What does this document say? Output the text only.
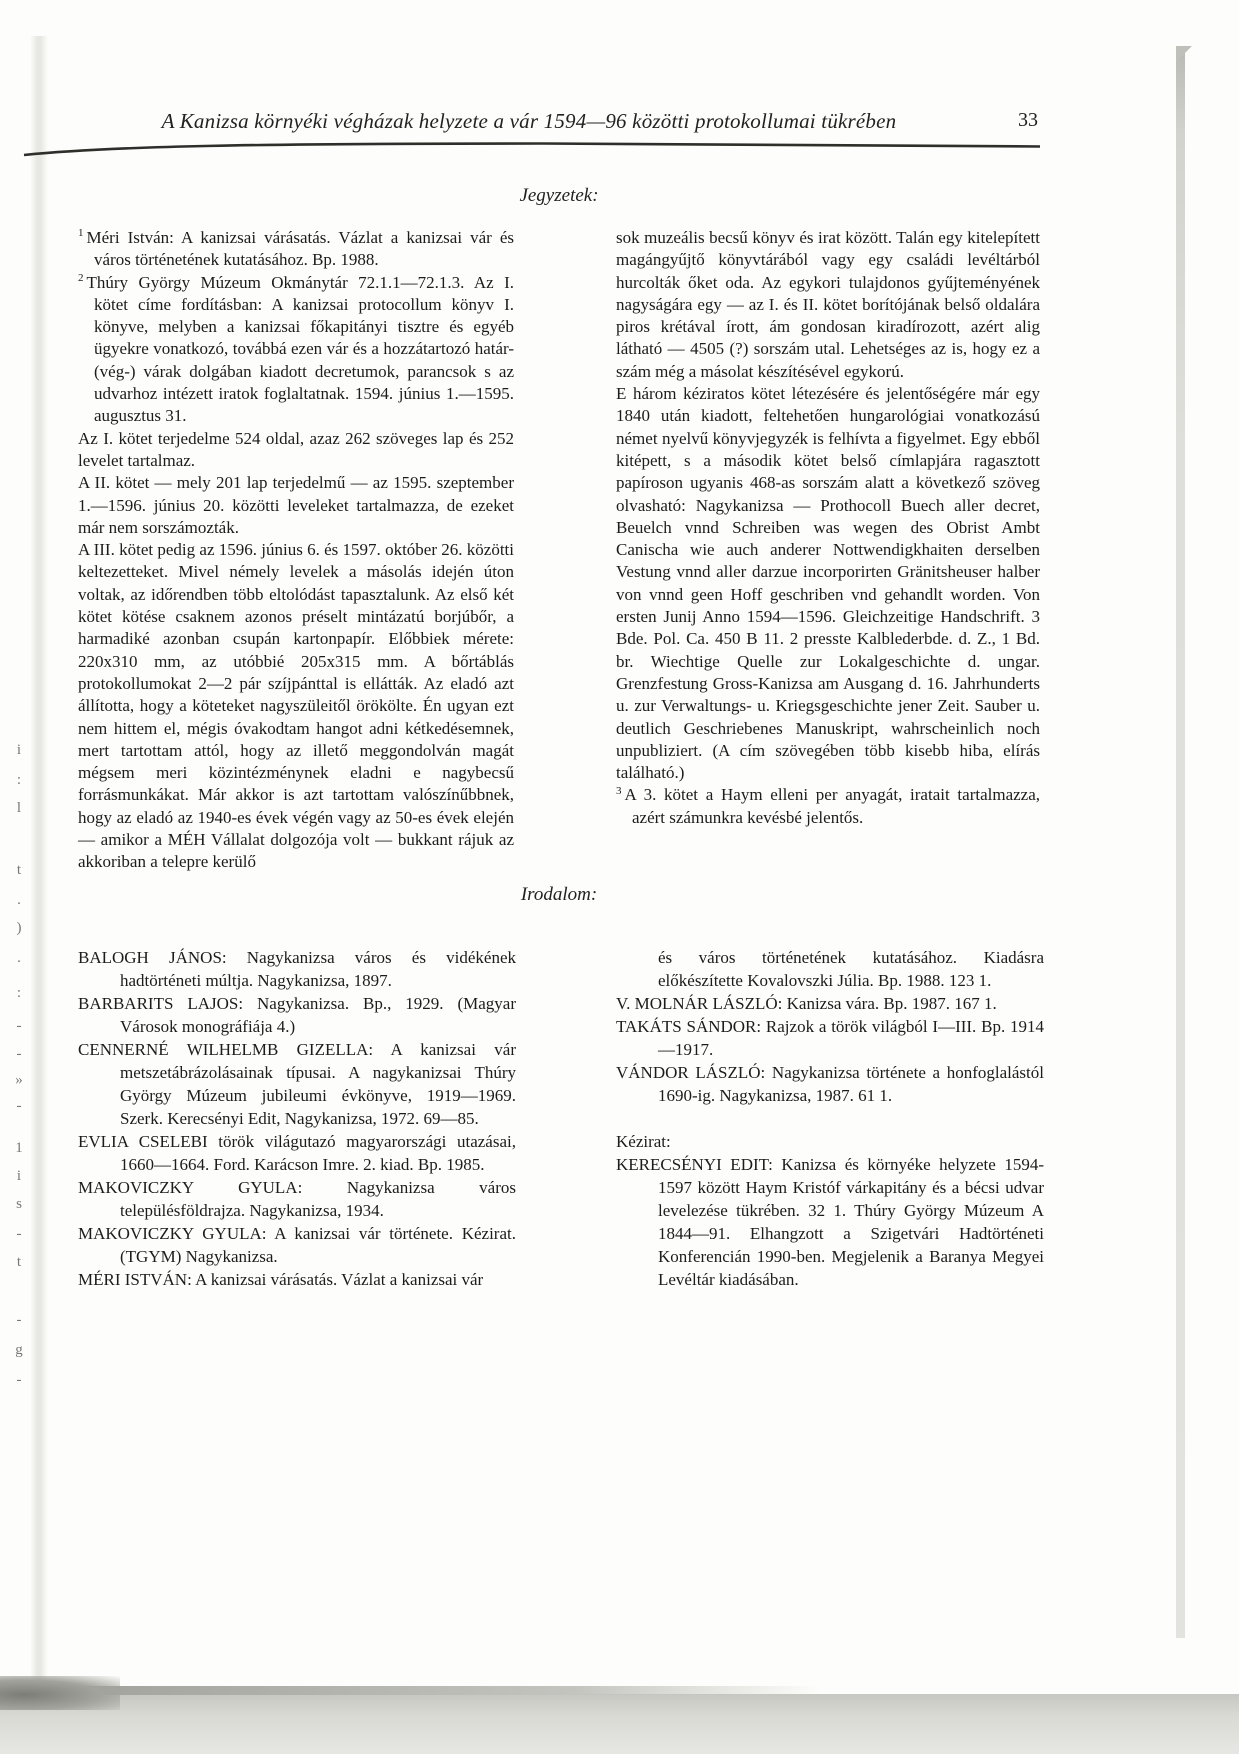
i
:
l
t
.
)
.
:
-
-
»
-
1
i
s
-
t
-
g
-
A Kanizsa környéki végházak helyzete a vár 1594—96 közötti protokollumai tükrében	33
Jegyzetek:

$^1$ Méri István: A kanizsai várásatás. Vázlat a kanizsai vár és város történetének kutatásához. Bp. 1988.

$^2$ Thúry György Múzeum Okmánytár 72.1.1—72.1.3. Az I. kötet címe fordításban: A kanizsai protocollum könyv I. könyve, melyben a kanizsai főkapitányi tisztre és egyéb ügyekre vonatkozó, továbbá ezen vár és a hozzátartozó határ- (vég-) várak dolgában kiadott decretumok, parancsok s az udvarhoz intézett iratok foglaltatnak. 1594. június 1.—1595. augusztus 31.

Az I. kötet terjedelme 524 oldal, azaz 262 szöveges lap és 252 levelet tartalmaz.

A II. kötet — mely 201 lap terjedelmű — az 1595. szeptember 1.—1596. június 20. közötti leveleket tartalmazza, de ezeket már nem sorszámozták.

A III. kötet pedig az 1596. június 6. és 1597. október 26. közötti keltezetteket. Mivel némely levelek a másolás idején úton voltak, az időrendben több eltolódást tapasztalunk. Az első két kötet kötése csaknem azonos préselt mintázatú borjúbőr, a harmadiké azonban csupán kartonpapír. Előbbiek mérete: 220x310 mm, az utóbbié 205x315 mm. A bőrtáblás protokollumokat 2—2 pár szíjpánttal is ellátták. Az eladó azt állította, hogy a köteteket nagyszüleitől örökölte. Én ugyan ezt nem hittem el, mégis óvakodtam hangot adni kétkedésemnek, mert tartottam attól, hogy az illető meggondolván magát mégsem meri közintézménynek eladni e nagybecsű forrásmunkákat. Már akkor is azt tartottam valószínűbbnek, hogy az eladó az 1940-es évek végén vagy az 50-es évek elején — amikor a MÉH Vállalat dolgozója volt — bukkant rájuk az akkoriban a telepre kerülő

sok muzeális becsű könyv és irat között. Talán egy kitelepített magángyűjtő könyvtárából vagy egy családi levéltárból hurcolták őket oda. Az egykori tulajdonos gyűjteményének nagyságára egy — az I. és II. kötet borítójának belső oldalára piros krétával írott, ám gondosan kiradírozott, azért alig látható — 4505 (?) sorszám utal. Lehetséges az is, hogy ez a szám még a másolat készítésével egykorú.

E három kéziratos kötet létezésére és jelentőségére már egy 1840 után kiadott, feltehetően hungarológiai vonatkozású német nyelvű könyvjegyzék is felhívta a figyelmet. Egy ebből kitépett, s a második kötet belső címlapjára ragasztott papíroson ugyanis 468-as sorszám alatt a következő szöveg olvasható: Nagykanizsa — Prothocoll Buech aller decret, Beuelch vnnd Schreiben was wegen des Obrist Ambt Canischa wie auch anderer Nottwendigkhaiten derselben Vestung vnnd aller darzue incorporirten Gränitsheuser halber von vnnd geen Hoff geschriben vnd gehandlt worden. Von ersten Junij Anno 1594—1596. Gleichzeitige Handschrift. 3 Bde. Pol. Ca. 450 B 11. 2 presste Kalblederbde. d. Z., 1 Bd. br. Wiechtige Quelle zur Lokalgeschichte d. ungar. Grenzfestung Gross-Kanizsa am Ausgang d. 16. Jahrhunderts u. zur Verwaltungs- u. Kriegsgeschichte jener Zeit. Sauber u. deutlich Geschriebenes Manuskript, wahrscheinlich noch unpubliziert. (A cím szövegében több kisebb hiba, elírás található.)

$^3$ A 3. kötet a Haym elleni per anyagát, iratait tartalmazza, azért számunkra kevésbé jelentős.

Irodalom:

BALOGH JÁNOS: Nagykanizsa város és vidékének hadtörténeti múltja. Nagykanizsa, 1897.

BARBARITS LAJOS: Nagykanizsa. Bp., 1929. (Magyar Városok monográfiája 4.)

CENNERNÉ WILHELMB GIZELLA: A kanizsai vár metszetábrázolásainak típusai. A nagykanizsai Thúry György Múzeum jubileumi évkönyve, 1919—1969. Szerk. Kerecsényi Edit, Nagykanizsa, 1972. 69—85.

EVLIA CSELEBI török világutazó magyarországi utazásai, 1660—1664. Ford. Karácson Imre. 2. kiad. Bp. 1985.

MAKOVICZKY GYULA: Nagykanizsa város településföldrajza. Nagykanizsa, 1934.

MAKOVICZKY GYULA: A kanizsai vár története. Kézirat. (TGYM) Nagykanizsa.

MÉRI ISTVÁN: A kanizsai várásatás. Vázlat a kanizsai vár

és város történetének kutatásához. Kiadásra előkészítette Kovalovszki Júlia. Bp. 1988. 123 1.

V. MOLNÁR LÁSZLÓ: Kanizsa vára. Bp. 1987. 167 1.

TAKÁTS SÁNDOR: Rajzok a török világból I—III. Bp. 1914—1917.

VÁNDOR LÁSZLÓ: Nagykanizsa története a honfoglalástól 1690-ig. Nagykanizsa, 1987. 61 1.

Kézirat:

KERECSÉNYI EDIT: Kanizsa és környéke helyzete 1594-1597 között Haym Kristóf várkapitány és a bécsi udvar levelezése tükrében. 32 1. Thúry György Múzeum A 1844—91. Elhangzott a Szigetvári Hadtörténeti Konferencián 1990-ben. Megjelenik a Baranya Megyei Levéltár kiadásában.
